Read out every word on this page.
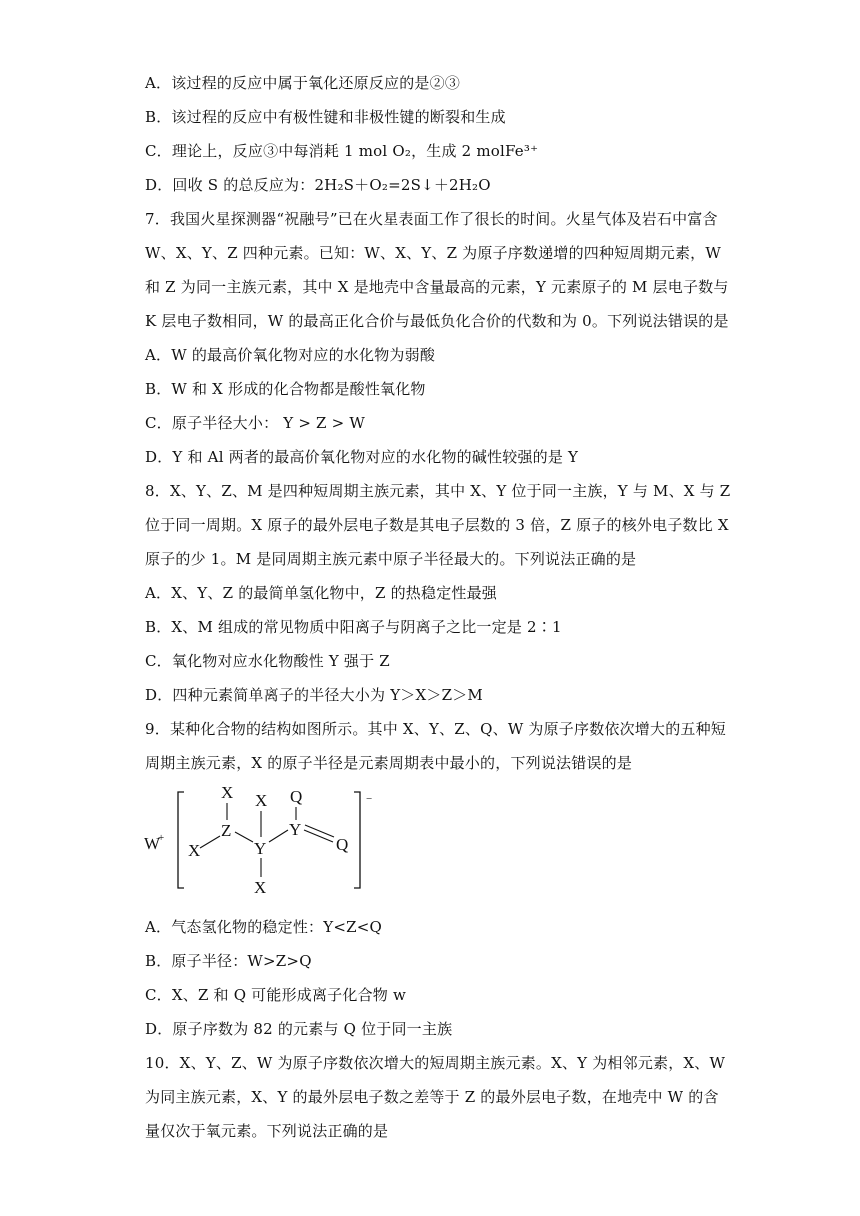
A．该过程的反应中属于氧化还原反应的是②③
B．该过程的反应中有极性键和非极性键的断裂和生成
C．理论上，反应③中每消耗 1 mol O₂，生成 2 molFe³⁺
D．回收 S 的总反应为：2H₂S＋O₂=2S↓＋2H₂O
7．我国火星探测器“祝融号”已在火星表面工作了很长的时间。火星气体及岩石中富含
W、X、Y、Z 四种元素。已知：W、X、Y、Z 为原子序数递增的四种短周期元素，W
和 Z 为同一主族元素，其中 X 是地壳中含量最高的元素，Y 元素原子的 M 层电子数与
K 层电子数相同，W 的最高正化合价与最低负化合价的代数和为 0。下列说法错误的是
A．W 的最高价氧化物对应的水化物为弱酸
B．W 和 X 形成的化合物都是酸性氧化物
C．原子半径大小： Y > Z > W
D．Y 和 Al 两者的最高价氧化物对应的水化物的碱性较强的是 Y
8．X、Y、Z、M 是四种短周期主族元素，其中 X、Y 位于同一主族，Y 与 M、X 与 Z
位于同一周期。X 原子的最外层电子数是其电子层数的 3 倍，Z 原子的核外电子数比 X
原子的少 1。M 是同周期主族元素中原子半径最大的。下列说法正确的是
A．X、Y、Z 的最简单氢化物中，Z 的热稳定性最强
B．X、M 组成的常见物质中阳离子与阴离子之比一定是 2∶1
C．氧化物对应水化物酸性 Y 强于 Z
D．四种元素简单离子的半径大小为 Y＞X＞Z＞M
9．某种化合物的结构如图所示。其中 X、Y、Z、Q、W 为原子序数依次增大的五种短
周期主族元素，X 的原子半径是元素周期表中最小的，下列说法错误的是
W
+
−
X X
Z
X	Y
X
Q
Y
Q
A．气态氢化物的稳定性：Y<Z<Q
B．原子半径：W>Z>Q
C．X、Z 和 Q 可能形成离子化合物 w
D．原子序数为 82 的元素与 Q 位于同一主族
10．X、Y、Z、W 为原子序数依次增大的短周期主族元素。X、Y 为相邻元素，X、W
为同主族元素，X、Y 的最外层电子数之差等于 Z 的最外层电子数，在地壳中 W 的含
量仅次于氧元素。下列说法正确的是
